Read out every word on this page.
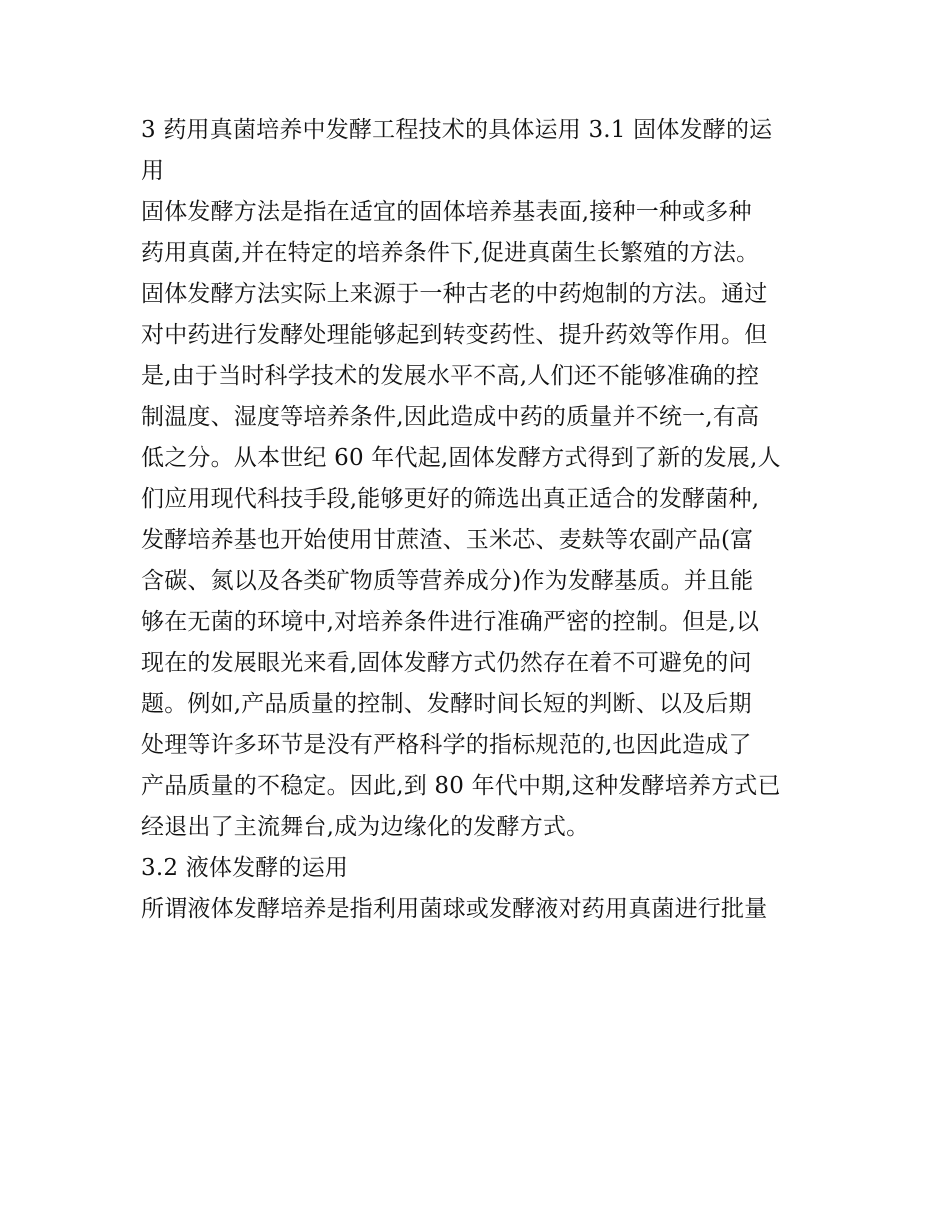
3 药用真菌培养中发酵工程技术的具体运用 3.1 固体发酵的运
用
固体发酵方法是指在适宜的固体培养基表面,接种一种或多种
药用真菌,并在特定的培养条件下,促进真菌生长繁殖的方法。
固体发酵方法实际上来源于一种古老的中药炮制的方法。通过
对中药进行发酵处理能够起到转变药性、提升药效等作用。但
是,由于当时科学技术的发展水平不高,人们还不能够准确的控
制温度、湿度等培养条件,因此造成中药的质量并不统一,有高
低之分。从本世纪 60 年代起,固体发酵方式得到了新的发展,人
们应用现代科技手段,能够更好的筛选出真正适合的发酵菌种,
发酵培养基也开始使用甘蔗渣、玉米芯、麦麸等农副产品(富
含碳、氮以及各类矿物质等营养成分)作为发酵基质。并且能
够在无菌的环境中,对培养条件进行准确严密的控制。但是,以
现在的发展眼光来看,固体发酵方式仍然存在着不可避免的问
题。例如,产品质量的控制、发酵时间长短的判断、以及后期
处理等许多环节是没有严格科学的指标规范的,也因此造成了
产品质量的不稳定。因此,到 80 年代中期,这种发酵培养方式已
经退出了主流舞台,成为边缘化的发酵方式。
3.2 液体发酵的运用
所谓液体发酵培养是指利用菌球或发酵液对药用真菌进行批量
